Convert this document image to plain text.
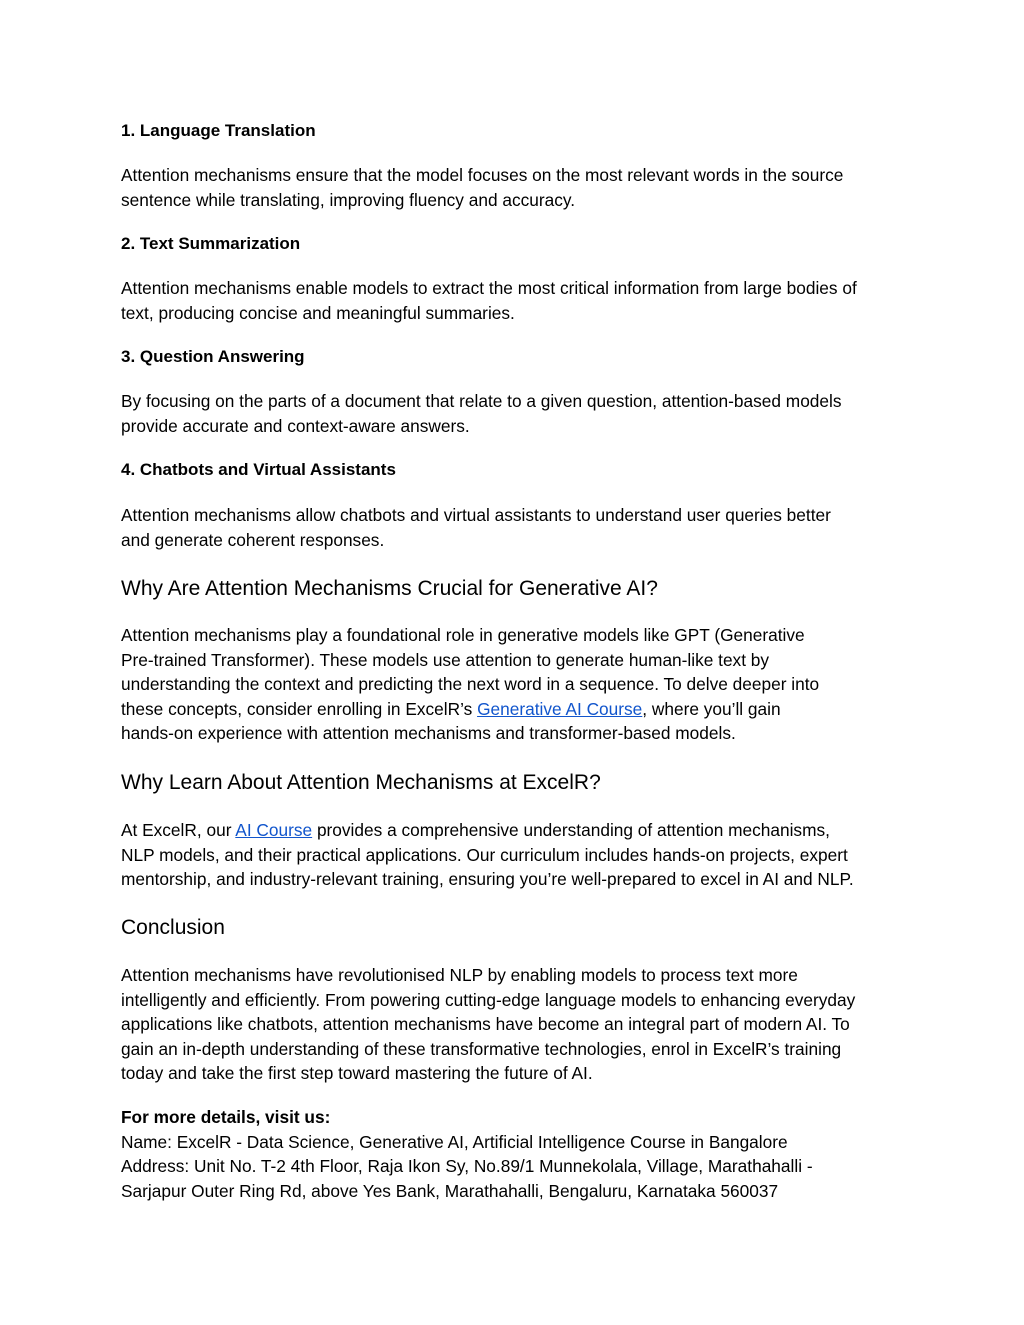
1. Language Translation

Attention mechanisms ensure that the model focuses on the most relevant words in the source
sentence while translating, improving fluency and accuracy.

2. Text Summarization

Attention mechanisms enable models to extract the most critical information from large bodies of
text, producing concise and meaningful summaries.

3. Question Answering

By focusing on the parts of a document that relate to a given question, attention-based models
provide accurate and context-aware answers.

4. Chatbots and Virtual Assistants

Attention mechanisms allow chatbots and virtual assistants to understand user queries better
and generate coherent responses.

Why Are Attention Mechanisms Crucial for Generative AI?

Attention mechanisms play a foundational role in generative models like GPT (Generative
Pre-trained Transformer). These models use attention to generate human-like text by
understanding the context and predicting the next word in a sequence. To delve deeper into
these concepts, consider enrolling in ExcelR’s Generative AI Course, where you’ll gain
hands-on experience with attention mechanisms and transformer-based models.

Why Learn About Attention Mechanisms at ExcelR?

At ExcelR, our AI Course provides a comprehensive understanding of attention mechanisms,
NLP models, and their practical applications. Our curriculum includes hands-on projects, expert
mentorship, and industry-relevant training, ensuring you’re well-prepared to excel in AI and NLP.

Conclusion

Attention mechanisms have revolutionised NLP by enabling models to process text more
intelligently and efficiently. From powering cutting-edge language models to enhancing everyday
applications like chatbots, attention mechanisms have become an integral part of modern AI. To
gain an in-depth understanding of these transformative technologies, enrol in ExcelR’s training
today and take the first step toward mastering the future of AI.

For more details, visit us:
Name: ExcelR - Data Science, Generative AI, Artificial Intelligence Course in Bangalore
Address: Unit No. T-2 4th Floor, Raja Ikon Sy, No.89/1 Munnekolala, Village, Marathahalli -
Sarjapur Outer Ring Rd, above Yes Bank, Marathahalli, Bengaluru, Karnataka 560037
